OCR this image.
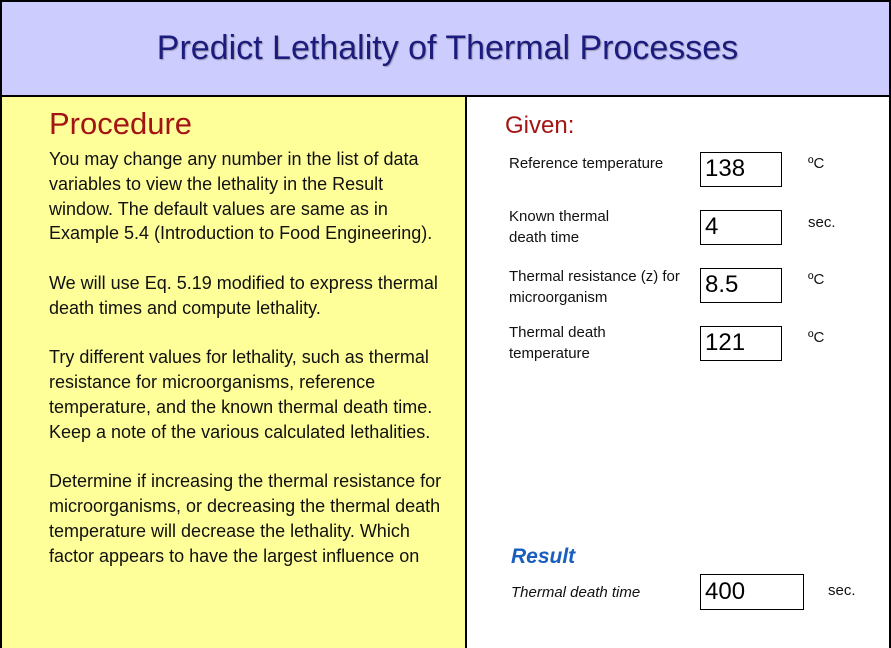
Predict Lethality of Thermal Processes
Procedure

You may change any number in the list of data variables to view the lethality in the Result window. The default values are same as in Example 5.4 (Introduction to Food Engineering).

We will use Eq. 5.19 modified to express thermal death times and compute lethality.

Try different values for lethality, such as thermal resistance for microorganisms, reference temperature, and the known thermal death time. Keep a note of the various calculated lethalities.

Determine if increasing the thermal resistance for microorganisms, or decreasing the thermal death temperature will decrease the lethality. Which factor appears to have the largest influence on

Given:
Reference temperature 138	ºC
Known thermal death time	4	sec.
Thermal resistance (z) for microorganism	8.5	ºC
Thermal death temperature	121	ºC
Result
Thermal death time	400	sec.
